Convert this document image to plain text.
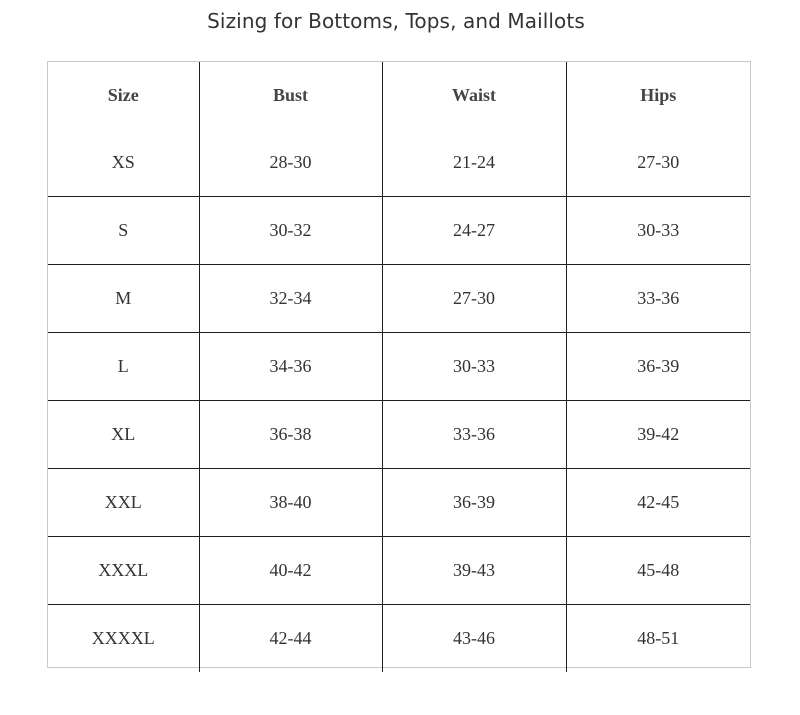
Sizing for Bottoms, Tops, and Maillots
Size	Bust	Waist	Hips
XS	28-30	21-24	27-30
S	30-32	24-27	30-33
M	32-34	27-30	33-36
L	34-36	30-33	36-39
XL	36-38	33-36	39-42
XXL	38-40	36-39	42-45
XXXL	40-42	39-43	45-48
XXXXL	42-44	43-46	48-51
